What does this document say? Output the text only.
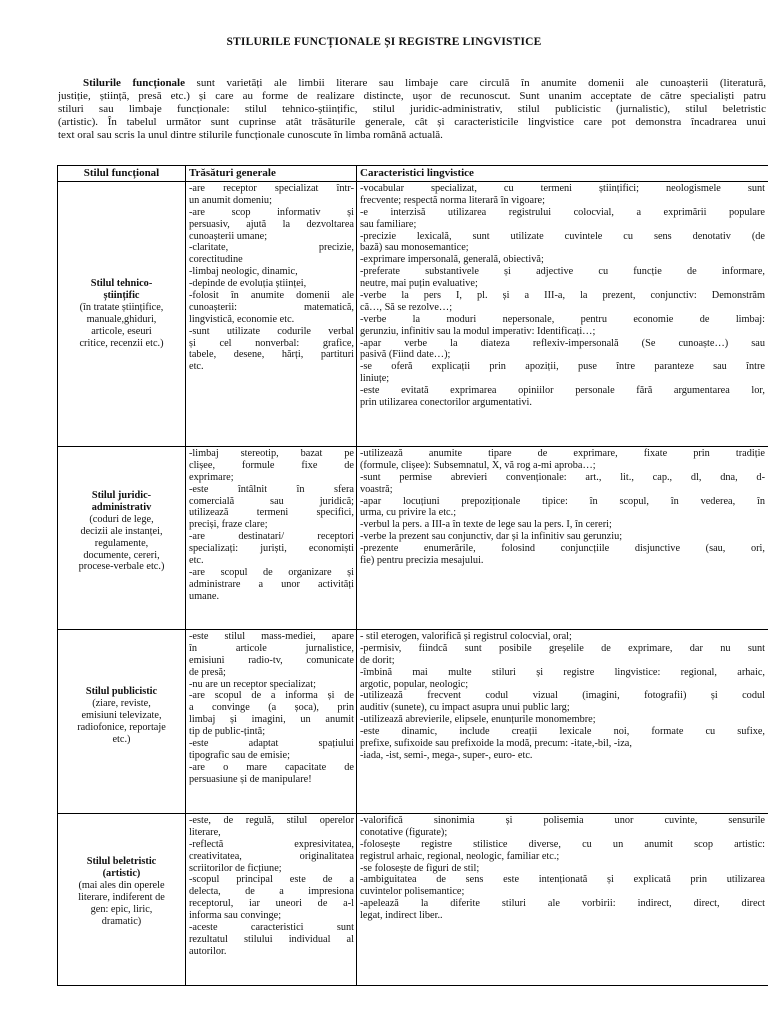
STILURILE FUNCȚIONALE ȘI REGISTRE LINGVISTICE
Stilurile funcționale sunt varietăți ale limbii literare sau limbaje care circulă în anumite domenii ale cunoașterii (literatură,
justiție, știință, presă etc.) și care au forme de realizare distincte, ușor de recunoscut. Sunt unanim acceptate de către specialiști patru
stiluri sau limbaje funcționale: stilul tehnico-științific, stilul juridic-administrativ, stilul publicistic (jurnalistic), stilul beletristic
(artistic). În tabelul următor sunt cuprinse atât trăsăturile generale, cât și caracteristicile lingvistice care pot demonstra încadrarea unui
text oral sau scris la unul dintre stilurile funcționale cunoscute în limba română actuală.
Stilul funcțional	Trăsături generale	Caracteristici lingvistice
Stilul tehnico-
științific
(în tratate științifice,
manuale,ghiduri,
articole, eseuri
critice, recenzii etc.)
-are receptor specializat într-
un anumit domeniu;
-are scop informativ și
persuasiv, ajută la dezvoltarea
cunoașterii umane;
-claritate, precizie,
corectitudine
-limbaj neologic, dinamic,
-depinde de evoluția științei,
-folosit în anumite domenii ale
cunoașterii: matematică,
lingvistică, economie etc.
-sunt utilizate codurile verbal
și cel nonverbal: grafice,
tabele, desene, hărți, partituri
etc.
-vocabular specializat, cu termeni științifici; neologismele sunt
frecvente; respectă norma literară în vigoare;
-e interzisă utilizarea registrului colocvial, a exprimării populare
sau familiare;
-precizie lexicală, sunt utilizate cuvintele cu sens denotativ (de
bază) sau monosemantice;
-exprimare impersonală, generală, obiectivă;
-preferate substantivele și adjective cu funcție de informare,
neutre, mai puțin evaluative;
-verbe la pers I, pl. și a III-a, la prezent, conjunctiv: Demonstrăm
că…, Să se rezolve…;
-verbe la moduri nepersonale, pentru economie de limbaj:
gerunziu, infinitiv sau la modul imperativ: Identificați…;
-apar verbe la diateza reflexiv-impersonală (Se cunoaște…) sau
pasivă (Fiind date…);
-se oferă explicații prin apoziții, puse între paranteze sau între
liniuțe;
-este evitată exprimarea opiniilor personale fără argumentarea lor,
prin utilizarea conectorilor argumentativi.
Stilul juridic-
administrativ
(coduri de lege,
decizii ale instanței,
regulamente,
documente, cereri,
procese-verbale etc.)
-limbaj stereotip, bazat pe
clișee, formule fixe de
exprimare;
-este întâlnit în sfera
comercială sau juridică;
utilizează termeni specifici,
preciși, fraze clare;
-are destinatari/ receptori
specializați: juriști, economiști
etc.
-are scopul de organizare și
administrare a unor activități
umane.
-utilizează anumite tipare de exprimare, fixate prin tradiție
(formule, clișee): Subsemnatul, X, vă rog a-mi aproba…;
-sunt permise abrevieri convenționale: art., lit., cap., dl, dna, d-
voastră;
-apar locuțiuni prepoziționale tipice: în scopul, în vederea, în
urma, cu privire la etc.;
-verbul la pers. a III-a în texte de lege sau la pers. I, în cereri;
-verbe la prezent sau conjunctiv, dar și la infinitiv sau gerunziu;
-prezente enumerările, folosind conjuncțiile disjunctive (sau, ori,
fie) pentru precizia mesajului.
Stilul publicistic
(ziare, reviste,
emisiuni televizate,
radiofonice, reportaje
etc.)
-este stilul mass-mediei, apare
în articole jurnalistice,
emisiuni radio-tv, comunicate
de presă;
-nu are un receptor specializat;
-are scopul de a informa și de
a convinge (a șoca), prin
limbaj și imagini, un anumit
tip de public-țintă;
-este adaptat spațiului
tipografic sau de emisie;
-are o mare capacitate de
persuasiune și de manipulare!
- stil eterogen, valorifică și registrul colocvial, oral;
-permisiv, fiindcă sunt posibile greșelile de exprimare, dar nu sunt
de dorit;
-îmbină mai multe stiluri și registre lingvistice: regional, arhaic,
argotic, popular, neologic;
-utilizează frecvent codul vizual (imagini, fotografii) și codul
auditiv (sunete), cu impact asupra unui public larg;
-utilizează abrevierile, elipsele, enunțurile monomembre;
-este dinamic, include creații lexicale noi, formate cu sufixe,
prefixe, sufixoide sau prefixoide la modă, precum: -itate,-bil, -iza,
-iada, -ist, semi-, mega-, super-, euro- etc.
Stilul beletristic
(artistic)
(mai ales din operele
literare, indiferent de
gen: epic, liric,
dramatic)
-este, de regulă, stilul operelor
literare,
-reflectă expresivitatea,
creativitatea, originalitatea
scriitorilor de ficțiune;
-scopul principal este de a
delecta, de a impresiona
receptorul, iar uneori de a-l
informa sau convinge;
-aceste caracteristici sunt
rezultatul stilului individual al
autorilor.
-valorifică sinonimia și polisemia unor cuvinte, sensurile
conotative (figurate);
-folosește registre stilistice diverse, cu un anumit scop artistic:
registrul arhaic, regional, neologic, familiar etc.;
-se folosește de figuri de stil;
-ambiguitatea de sens este intenționată și explicată prin utilizarea
cuvintelor polisemantice;
-apelează la diferite stiluri ale vorbirii: indirect, direct, direct
legat, indirect liber..
